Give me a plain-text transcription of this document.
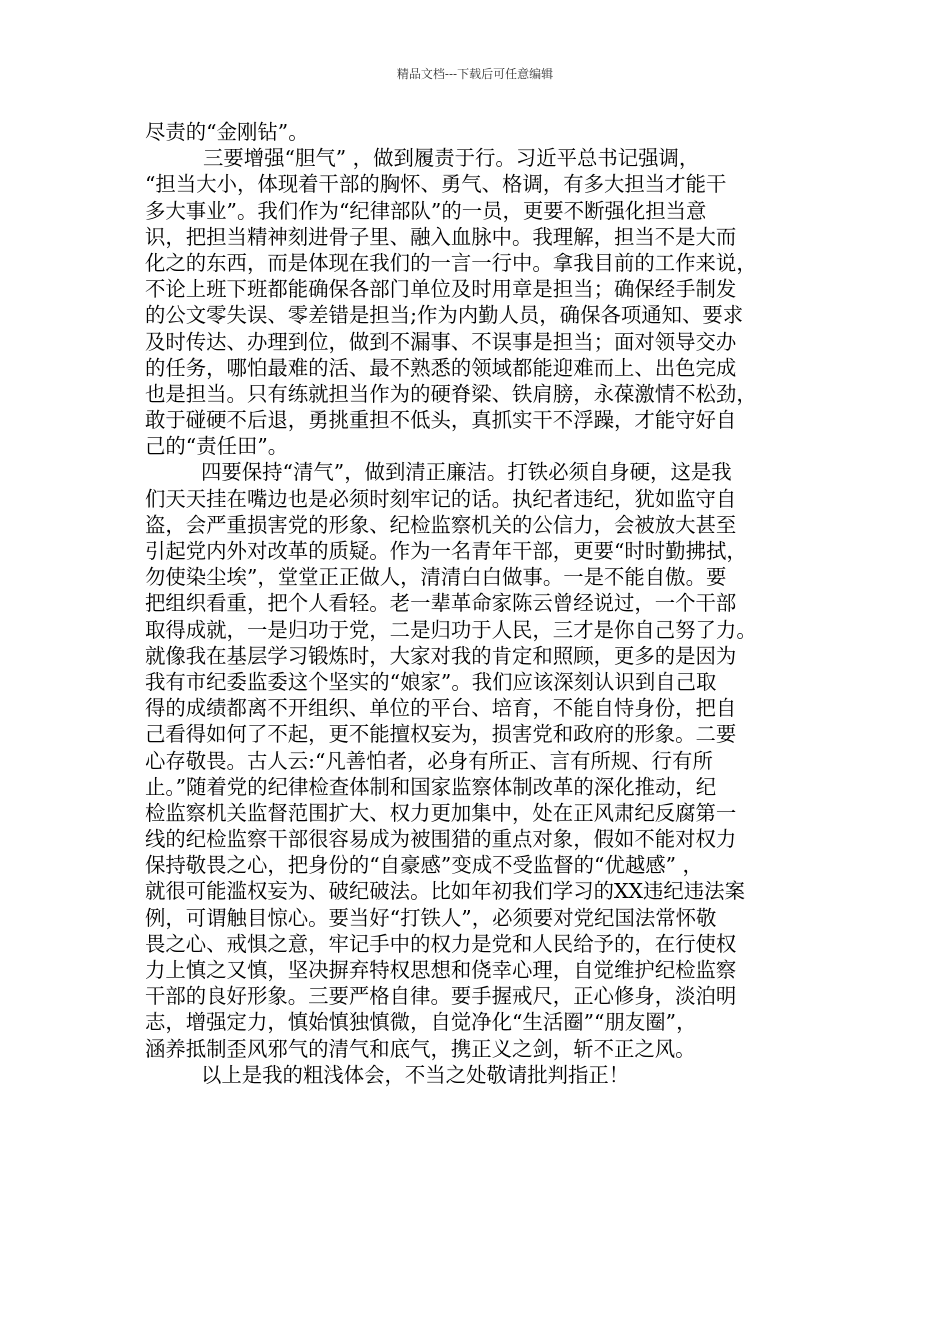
精品文档---下载后可任意编辑
尽责的“金刚钻”。
三要增强“胆气” ，做到履责于行。习近平总书记强调，
“担当大小，体现着干部的胸怀、勇气、格调，有多大担当才能干
多大事业”。我们作为“纪律部队”的一员，更要不断强化担当意
识，把担当精神刻进骨子里、融入血脉中。我理解，担当不是大而
化之的东西，而是体现在我们的一言一行中。拿我目前的工作来说，
不论上班下班都能确保各部门单位及时用章是担当；确保经手制发
的公文零失误、零差错是担当;作为内勤人员，确保各项通知、要求
及时传达、办理到位，做到不漏事、不误事是担当；面对领导交办
的任务，哪怕最难的活、最不熟悉的领域都能迎难而上、出色完成
也是担当。只有练就担当作为的硬脊梁、铁肩膀，永葆激情不松劲，
敢于碰硬不后退，勇挑重担不低头，真抓实干不浮躁，才能守好自
己的“责任田”。
四要保持“清气”，做到清正廉洁。打铁必须自身硬，这是我
们天天挂在嘴边也是必须时刻牢记的话。执纪者违纪，犹如监守自
盗，会严重损害党的形象、纪检监察机关的公信力，会被放大甚至
引起党内外对改革的质疑。作为一名青年干部，更要“时时勤拂拭，
勿使染尘埃”，堂堂正正做人，清清白白做事。一是不能自傲。要
把组织看重，把个人看轻。老一辈革命家陈云曾经说过，一个干部
取得成就，一是归功于党，二是归功于人民，三才是你自己努了力。
就像我在基层学习锻炼时，大家对我的肯定和照顾，更多的是因为
我有市纪委监委这个坚实的“娘家”。我们应该深刻认识到自己取
得的成绩都离不开组织、单位的平台、培育，不能自恃身份，把自
己看得如何了不起，更不能擅权妄为，损害党和政府的形象。二要
心存敬畏。古人云:“凡善怕者，必身有所正、言有所规、行有所
止。”随着党的纪律检查体制和国家监察体制改革的深化推动，纪
检监察机关监督范围扩大、权力更加集中，处在正风肃纪反腐第一
线的纪检监察干部很容易成为被围猎的重点对象，假如不能对权力
保持敬畏之心，把身份的“自豪感”变成不受监督的“优越感” ，
就很可能滥权妄为、破纪破法。比如年初我们学习的XX违纪违法案
例，可谓触目惊心。要当好“打铁人”，必须要对党纪国法常怀敬
畏之心、戒惧之意，牢记手中的权力是党和人民给予的，在行使权
力上慎之又慎，坚决摒弃特权思想和侥幸心理，自觉维护纪检监察
干部的良好形象。三要严格自律。要手握戒尺，正心修身，淡泊明
志，增强定力，慎始慎独慎微，自觉净化“生活圈”“朋友圈”，
涵养抵制歪风邪气的清气和底气，携正义之剑，斩不正之风。
以上是我的粗浅体会，不当之处敬请批判指正！
